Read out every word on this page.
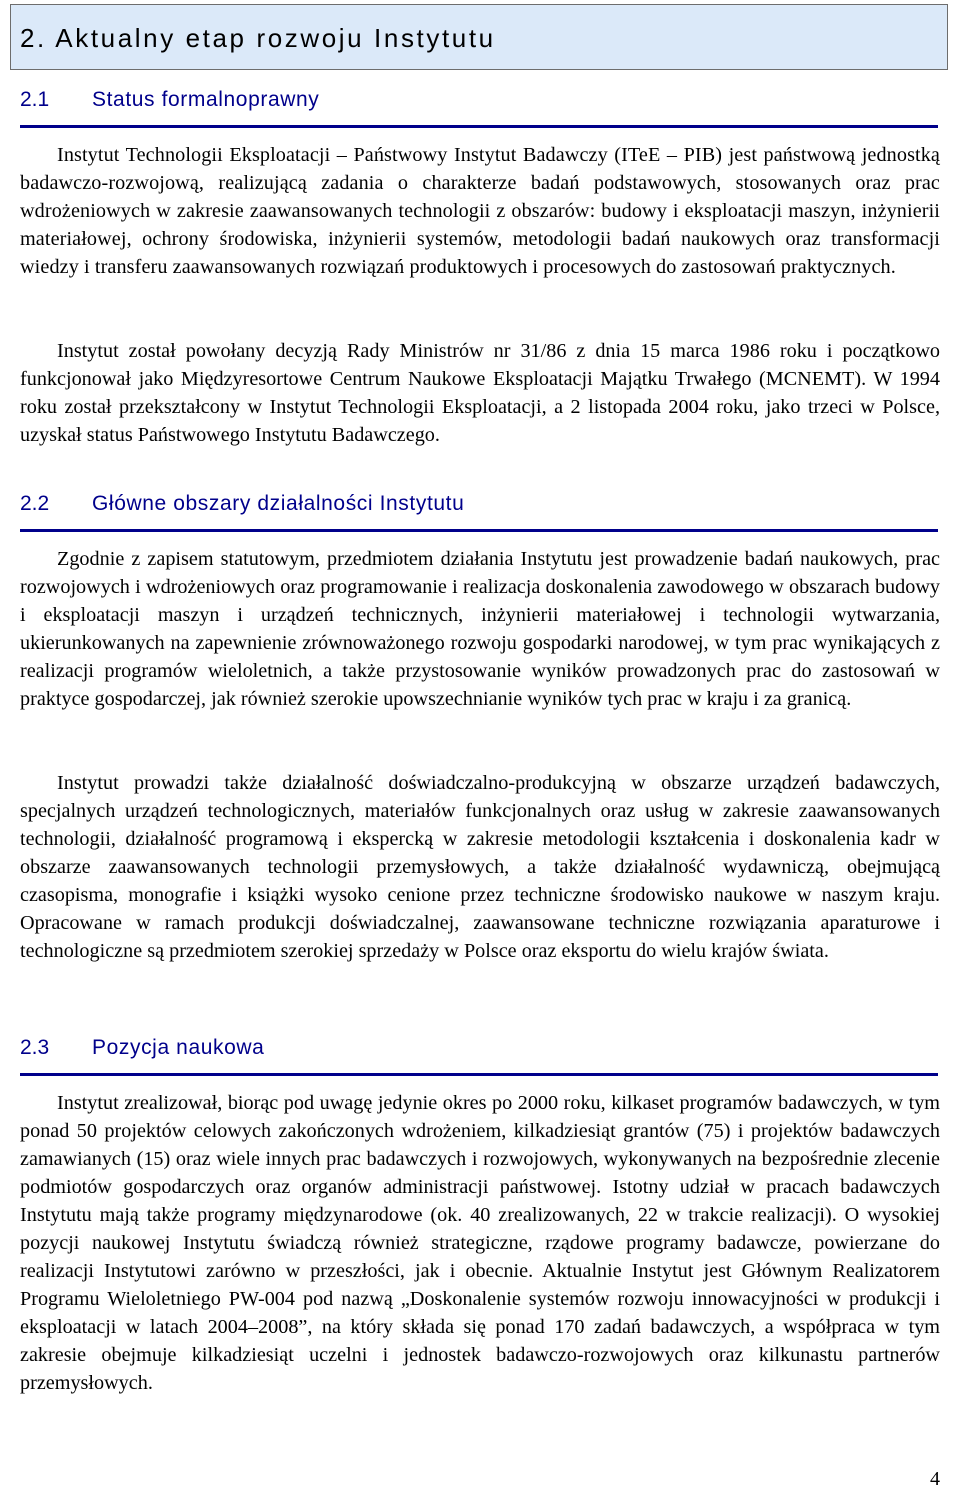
2. Aktualny etap rozwoju Instytutu
2.1 Status formalnoprawny

Instytut Technologii Eksploatacji – Państwowy Instytut Badawczy (ITeE – PIB) jest państwową jednostką badawczo-rozwojową, realizującą zadania o charakterze badań podstawowych, stosowanych oraz prac wdrożeniowych w zakresie zaawansowanych technologii z obszarów: budowy i eksploatacji maszyn, inżynierii materiałowej, ochrony środowiska, inżynierii systemów, metodologii badań naukowych oraz transformacji wiedzy i transferu zaawansowanych rozwiązań produktowych i procesowych do zastosowań praktycznych.

Instytut został powołany decyzją Rady Ministrów nr 31/86 z dnia 15 marca 1986 roku i początkowo funkcjonował jako Międzyresortowe Centrum Naukowe Eksploatacji Majątku Trwałego (MCNEMT). W 1994 roku został przekształcony w Instytut Technologii Eksploatacji, a 2 listopada 2004 roku, jako trzeci w Polsce, uzyskał status Państwowego Instytutu Badawczego.

2.2 Główne obszary działalności Instytutu

Zgodnie z zapisem statutowym, przedmiotem działania Instytutu jest prowadzenie badań naukowych, prac rozwojowych i wdrożeniowych oraz programowanie i realizacja doskonalenia zawodowego w obszarach budowy i eksploatacji maszyn i urządzeń technicznych, inżynierii materiałowej i technologii wytwarzania, ukierunkowanych na zapewnienie zrównoważonego rozwoju gospodarki narodowej, w tym prac wynikających z realizacji programów wieloletnich, a także przystosowanie wyników prowadzonych prac do zastosowań w praktyce gospodarczej, jak również szerokie upowszechnianie wyników tych prac w kraju i za granicą.

Instytut prowadzi także działalność doświadczalno-produkcyjną w obszarze urządzeń badawczych, specjalnych urządzeń technologicznych, materiałów funkcjonalnych oraz usług w zakresie zaawansowanych technologii, działalność programową i ekspercką w zakresie metodologii kształcenia i doskonalenia kadr w obszarze zaawansowanych technologii przemysłowych, a także działalność wydawniczą, obejmującą czasopisma, monografie i książki wysoko cenione przez techniczne środowisko naukowe w naszym kraju. Opracowane w ramach produkcji doświadczalnej, zaawansowane techniczne rozwiązania aparaturowe i technologiczne są przedmiotem szerokiej sprzedaży w Polsce oraz eksportu do wielu krajów świata.

2.3 Pozycja naukowa

Instytut zrealizował, biorąc pod uwagę jedynie okres po 2000 roku, kilkaset programów badawczych, w tym ponad 50 projektów celowych zakończonych wdrożeniem, kilkadziesiąt grantów (75) i projektów badawczych zamawianych (15) oraz wiele innych prac badawczych i rozwojowych, wykonywanych na bezpośrednie zlecenie podmiotów gospodarczych oraz organów administracji państwowej. Istotny udział w pracach badawczych Instytutu mają także programy międzynarodowe (ok. 40 zrealizowanych, 22 w trakcie realizacji). O wysokiej pozycji naukowej Instytutu świadczą również strategiczne, rządowe programy badawcze, powierzane do realizacji Instytutowi zarówno w przeszłości, jak i obecnie. Aktualnie Instytut jest Głównym Realizatorem Programu Wieloletniego PW-004 pod nazwą „Doskonalenie systemów rozwoju innowacyjności w produkcji i eksploatacji w latach 2004–2008”, na który składa się ponad 170 zadań badawczych, a współpraca w tym zakresie obejmuje kilkadziesiąt uczelni i jednostek badawczo-rozwojowych oraz kilkunastu partnerów przemysłowych.

4
